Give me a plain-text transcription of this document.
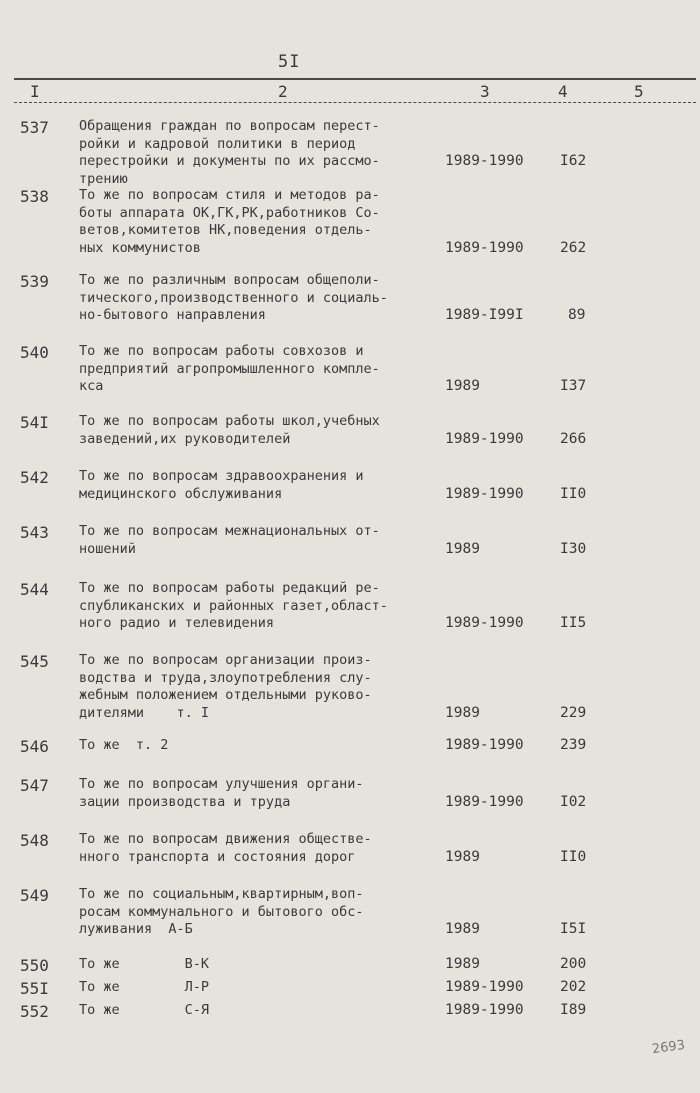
5I
I	2	3	4	5
537 Обращения граждан по вопросам перест-
ройки и кадровой политики в период
перестройки и документы по их рассмо-
трению
1989-1990	I62
538 То же по вопросам стиля и методов ра-
боты аппарата ОК,ГК,РК,работников Со-
ветов,комитетов НК,поведения отдель-
ных коммунистов	1989-1990	262
539 То же по различным вопросам общеполи-
тического,производственного и социаль-
но-бытового направления	1989-I99I	89
540 То же по вопросам работы совхозов и
предприятий агропромышленного компле-
кса	1989	I37
54I То же по вопросам работы школ,учебных
заведений,их руководителей	1989-1990	266
542 То же по вопросам здравоохранения и
медицинского обслуживания	1989-1990	II0
543 То же по вопросам межнациональных от-
ношений	1989	I30
544 То же по вопросам работы редакций ре-
спубликанских и районных газет,област-
ного радио и телевидения	1989-1990	II5
545 То же по вопросам организации произ-
водства и труда,злоупотребления слу-
жебным положением отдельными руково-
дителями    т. I	1989	229
546 То же  т. 2	1989-1990	239
547 То же по вопросам улучшения органи-
зации производства и труда	1989-1990	I02
548 То же по вопросам движения обществе-
нного транспорта и состояния дорог	1989	II0
549 То же по социальным,квартирным,воп-
росам коммунального и бытового обс-
луживания  А-Б	1989	I5I
550 То же        В-К	1989	200
55I То же        Л-Р	1989-1990	202
552 То же        С-Я	1989-1990	I89
2693
